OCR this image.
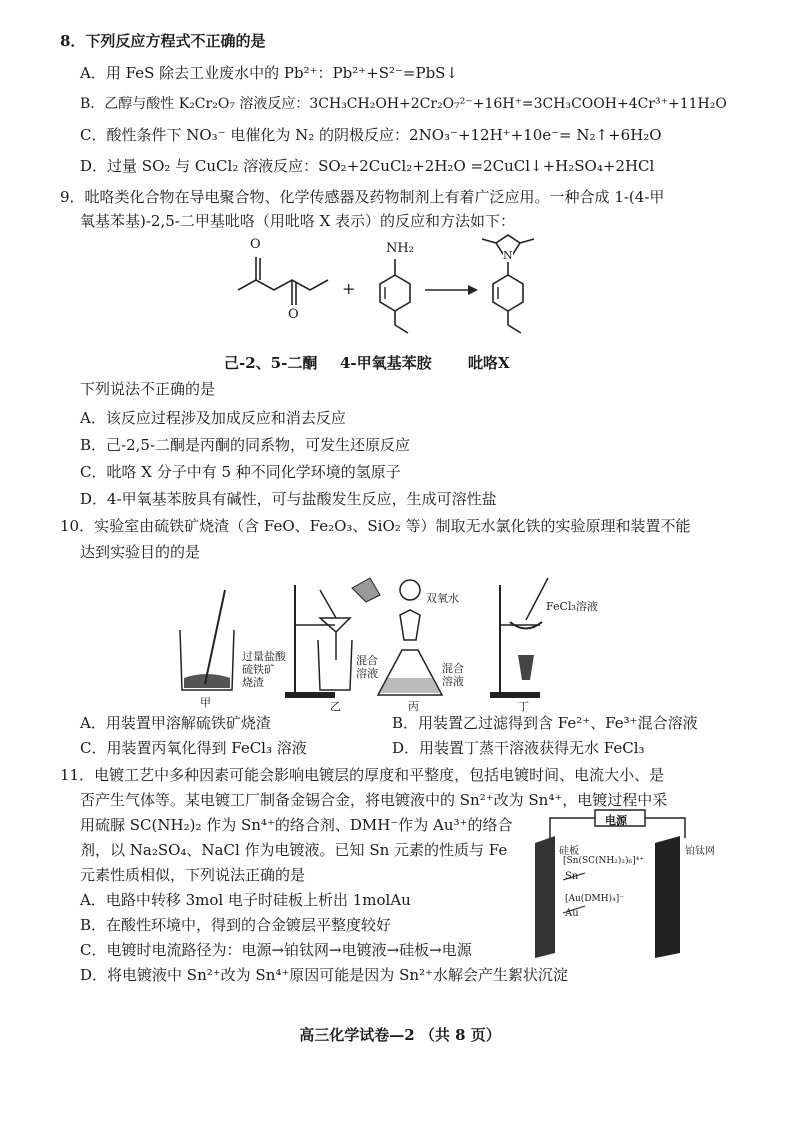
8．下列反应方程式不正确的是
A．用 FeS 除去工业废水中的 Pb²⁺：Pb²⁺+S²⁻=PbS↓
B．乙醇与酸性 K₂Cr₂O₇ 溶液反应：3CH₃CH₂OH+2Cr₂O₇²⁻+16H⁺=3CH₃COOH+4Cr³⁺+11H₂O
C．酸性条件下 NO₃⁻ 电催化为 N₂ 的阴极反应：2NO₃⁻+12H⁺+10e⁻= N₂↑+6H₂O
D．过量 SO₂ 与 CuCl₂ 溶液反应：SO₂+2CuCl₂+2H₂O =2CuCl↓+H₂SO₄+2HCl
9．吡咯类化合物在导电聚合物、化学传感器及药物制剂上有着广泛应用。一种合成 1-(4-甲
氧基苯基)-2,5-二甲基吡咯（用吡咯 X 表示）的反应和方法如下：
O
O
+
NH₂	N
己-2、5-二酮 4-甲氧基苯胺 吡咯X
下列说法不正确的是
A．该反应过程涉及加成反应和消去反应
B．己-2,5-二酮是丙酮的同系物，可发生还原反应
C．吡咯 X 分子中有 5 种不同化学环境的氢原子
D．4-甲氧基苯胺具有碱性，可与盐酸发生反应，生成可溶性盐
10．实验室由硫铁矿烧渣（含 FeO、Fe₂O₃、SiO₂ 等）制取无水氯化铁的实验原理和装置不能
达到实验目的的是
过量盐酸
硫铁矿
烧渣
混合
溶液
双氧水
混合
溶液
FeCl₃溶液
甲	乙	丙	丁
A．用装置甲溶解硫铁矿烧渣	B．用装置乙过滤得到含 Fe²⁺、Fe³⁺混合溶液
C．用装置丙氧化得到 FeCl₃ 溶液	D．用装置丁蒸干溶液获得无水 FeCl₃
11．电镀工艺中多种因素可能会影响电镀层的厚度和平整度，包括电镀时间、电流大小、是
否产生气体等。某电镀工厂制备金锡合金，将电镀液中的 Sn²⁺改为 Sn⁴⁺，电镀过程中采
用硫脲 SC(NH₂)₂ 作为 Sn⁴⁺的络合剂、DMH⁻作为 Au³⁺的络合
剂，以 Na₂SO₄、NaCl 作为电镀液。已知 Sn 元素的性质与 Fe
元素性质相似，下列说法正确的是
A．电路中转移 3mol 电子时硅板上析出 1molAu
B．在酸性环境中，得到的合金镀层平整度较好
C．电镀时电流路径为：电源→铂钛网→电镀液→硅板→电源
D．将电镀液中 Sn²⁺改为 Sn⁴⁺原因可能是因为 Sn²⁺水解会产生絮状沉淀
电源
硅板	铂钛网
[Sn(SC(NH₂)₂)₆]⁴⁺
Sn
[Au(DMH)₄]⁻
Au
高三化学试卷—2 （共 8 页）
